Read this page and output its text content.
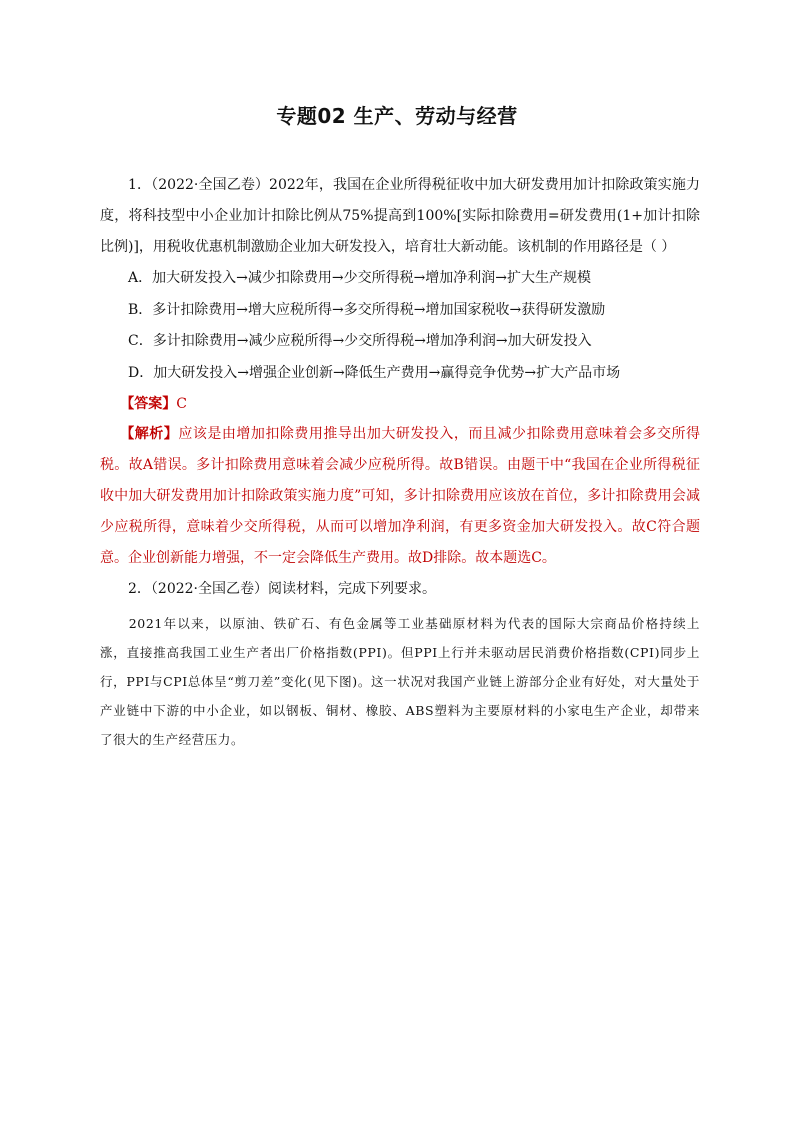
专题02 生产、劳动与经营

1．（2022·全国乙卷）2022年，我国在企业所得税征收中加大研发费用加计扣除政策实施力度，将科技型中小企业加计扣除比例从75%提高到100%[实际扣除费用=研发费用(1+加计扣除比例)]，用税收优惠机制激励企业加大研发投入，培育壮大新动能。该机制的作用路径是（ ）

A．加大研发投入→减少扣除费用→少交所得税→增加净利润→扩大生产规模

B．多计扣除费用→增大应税所得→多交所得税→增加国家税收→获得研发激励

C．多计扣除费用→减少应税所得→少交所得税→增加净利润→加大研发投入

D．加大研发投入→增强企业创新→降低生产费用→赢得竞争优势→扩大产品市场

【答案】C

【解析】应该是由增加扣除费用推导出加大研发投入，而且减少扣除费用意味着会多交所得税。故A错误。多计扣除费用意味着会减少应税所得。故B错误。由题干中“我国在企业所得税征收中加大研发费用加计扣除政策实施力度”可知，多计扣除费用应该放在首位，多计扣除费用会减少应税所得，意味着少交所得税，从而可以增加净利润，有更多资金加大研发投入。故C符合题意。企业创新能力增强，不一定会降低生产费用。故D排除。故本题选C。

2．（2022·全国乙卷）阅读材料，完成下列要求。

2021年以来，以原油、铁矿石、有色金属等工业基础原材料为代表的国际大宗商品价格持续上涨，直接推高我国工业生产者出厂价格指数(PPI)。但PPI上行并未驱动居民消费价格指数(CPI)同步上行，PPI与CPI总体呈“剪刀差”变化(见下图)。这一状况对我国产业链上游部分企业有好处，对大量处于产业链中下游的中小企业，如以钢板、铜材、橡胶、ABS塑料为主要原材料的小家电生产企业，却带来了很大的生产经营压力。
